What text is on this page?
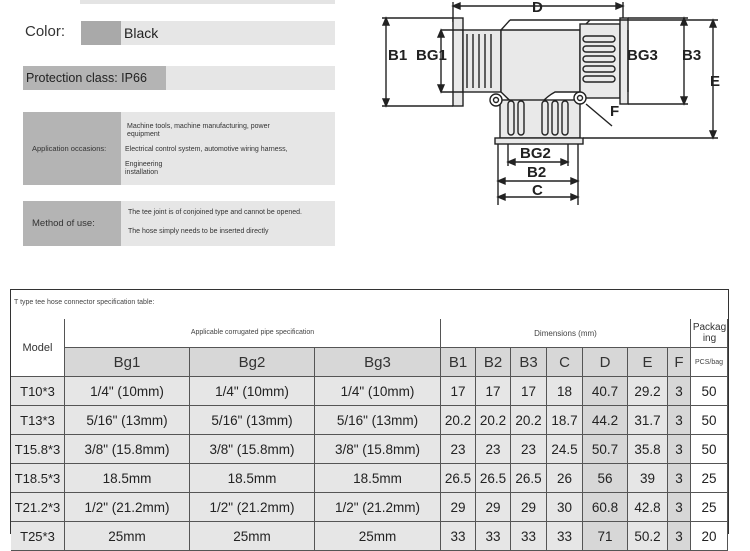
Color:	Black
Protection class: IP66
Application occasions:
Machine tools, machine manufacturing, power
equipment
Electrical control system, automotive wiring harness,
Engineering
installation
Method of use:
The tee joint is of conjoined type and cannot be opened.
The hose simply needs to be inserted directly
D
B1 BG1	BG3 B3
E
F
BG2
B2
C
T type tee hose connector specification table:
Model
Applicable corrugated pipe specification	Dimensions (mm)	Packaging
Bg1	Bg2	Bg3	B1	B2	B3	C	D	E	F	PCS/bag
T10*3	1/4" (10mm)	1/4" (10mm)	1/4" (10mm)	17	17	17	18	40.7	29.2	3	50
T13*3	5/16" (13mm)	5/16" (13mm)	5/16" (13mm)	20.2 20.2 20.2 18.7	44.2	31.7	3	50
T15.8*3	3/8" (15.8mm)	3/8" (15.8mm)	3/8" (15.8mm)	23	23	23	24.5	50.7	35.8	3	50
T18.5*3	18.5mm	18.5mm	18.5mm	26.5 26.5 26.5	26	56	39	3	25
T21.2*3	1/2" (21.2mm)	1/2" (21.2mm)	1/2" (21.2mm)	29	29	29	30	60.8	42.8	3	25
T25*3	25mm	25mm	25mm	33	33	33	33	71	50.2	3	20
